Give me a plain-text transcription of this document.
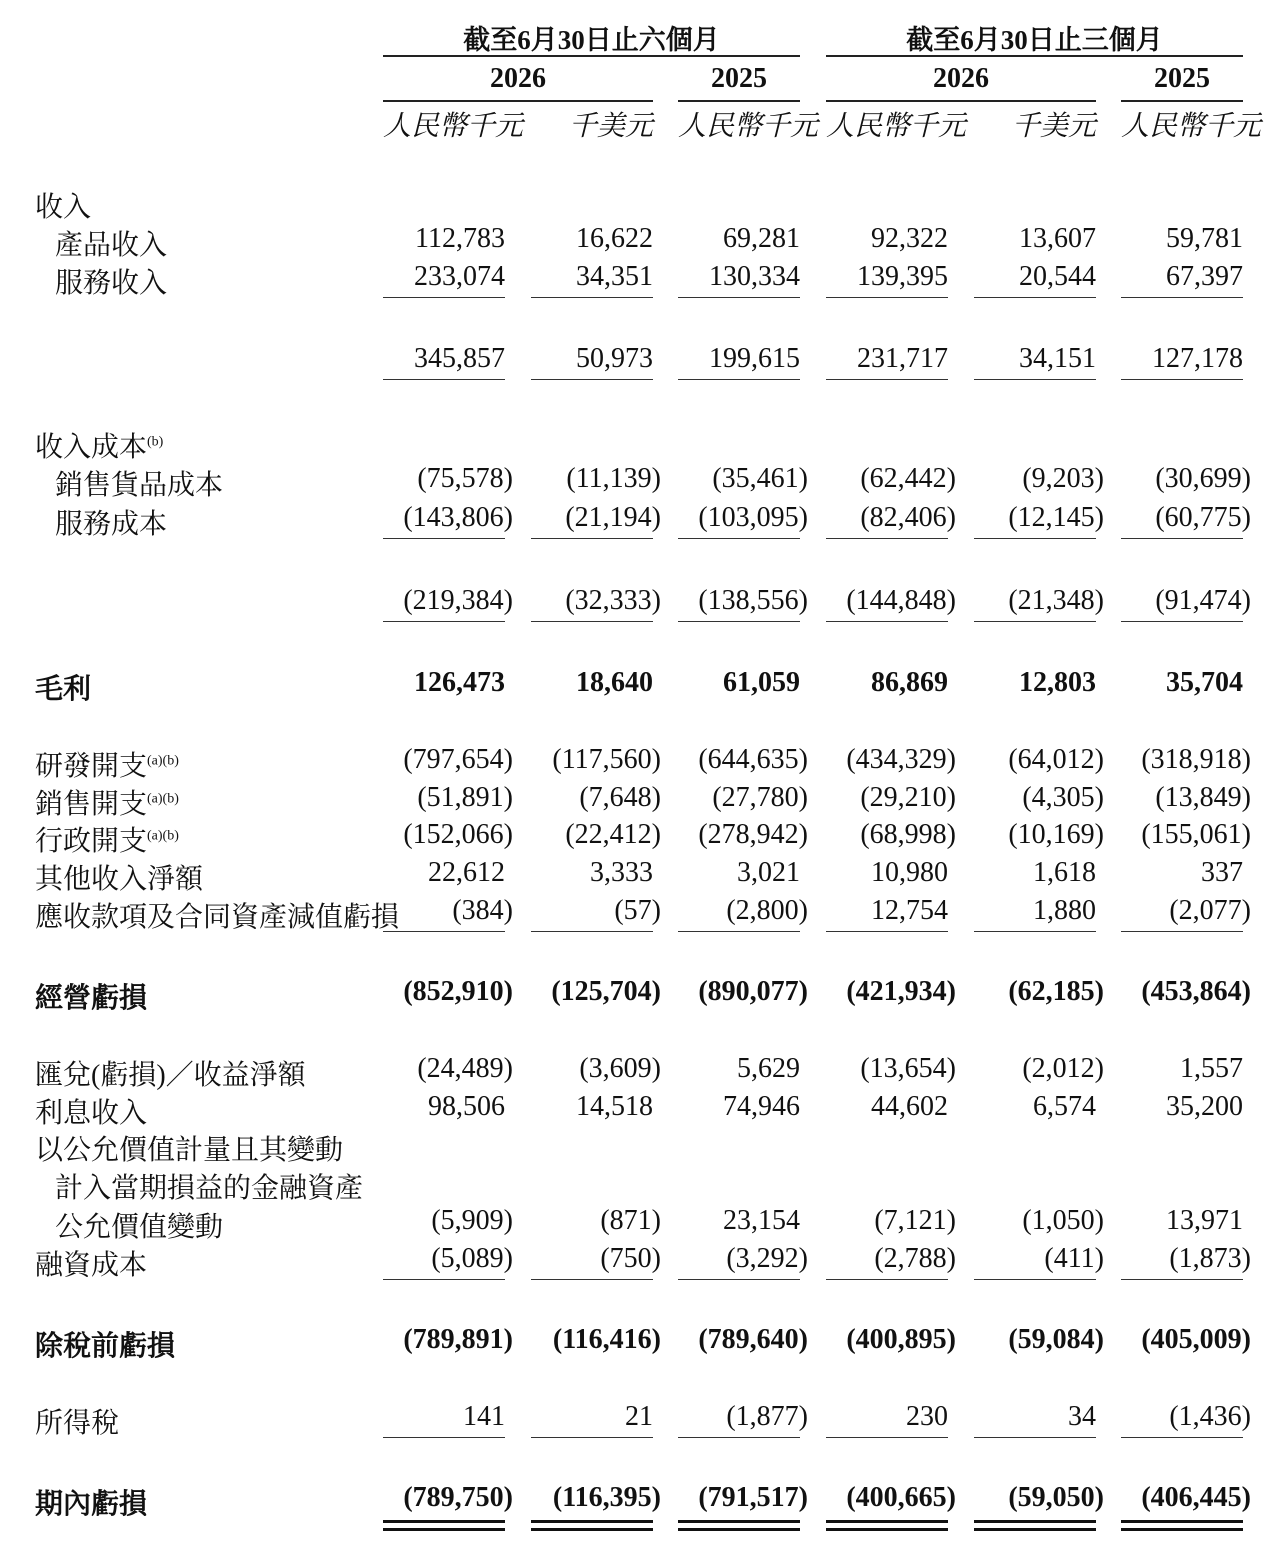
截至6月30日止六個月	截至6月30日止三個月
2026	2025	2026	2025
人民幣千元	千美元 人民幣千元 人民幣千元	千美元 人民幣千元
收入
產品收入	112,783	16,622	69,281	92,322	13,607	59,781
服務收入	233,074	34,351 130,334 139,395	20,544	67,397
345,857	50,973 199,615 231,717	34,151 127,178
收入成本$^{(b)}$
銷售貨品成本	(75,578) (11,139) (35,461) (62,442) (9,203) (30,699)
服務成本	(143,806) (21,194) (103,095) (82,406) (12,145) (60,775)
(219,384) (32,333) (138,556) (144,848) (21,348) (91,474)
毛利	126,473	18,640	61,059	86,869	12,803	35,704
研發開支$^{(a)(b)}$	(797,654) (117,560) (644,635) (434,329) (64,012) (318,918)
銷售開支$^{(a)(b)}$	(51,891) (7,648) (27,780) (29,210) (4,305) (13,849)
行政開支$^{(a)(b)}$	(152,066) (22,412) (278,942) (68,998) (10,169) (155,061)
其他收入淨額	22,612	3,333	3,021	10,980	1,618	337
應收款項及合同資產減值虧損 (384)	(57) (2,800) 12,754	1,880	(2,077)
經營虧損	(852,910) (125,704) (890,077) (421,934) (62,185) (453,864)
匯兌(虧損)／收益淨額	(24,489) (3,609)	5,629 (13,654) (2,012)	1,557
利息收入	98,506	14,518	74,946	44,602	6,574	35,200
以公允價值計量且其變動
計入當期損益的金融資產
公允價值變動	(5,909)	(871) 23,154	(7,121) (1,050) 13,971
融資成本	(5,089)	(750) (3,292) (2,788)	(411) (1,873)
除稅前虧損	(789,891) (116,416) (789,640) (400,895) (59,084) (405,009)
所得稅	141	21	(1,877)	230	34	(1,436)
期內虧損	(789,750) (116,395) (791,517) (400,665) (59,050) (406,445)
